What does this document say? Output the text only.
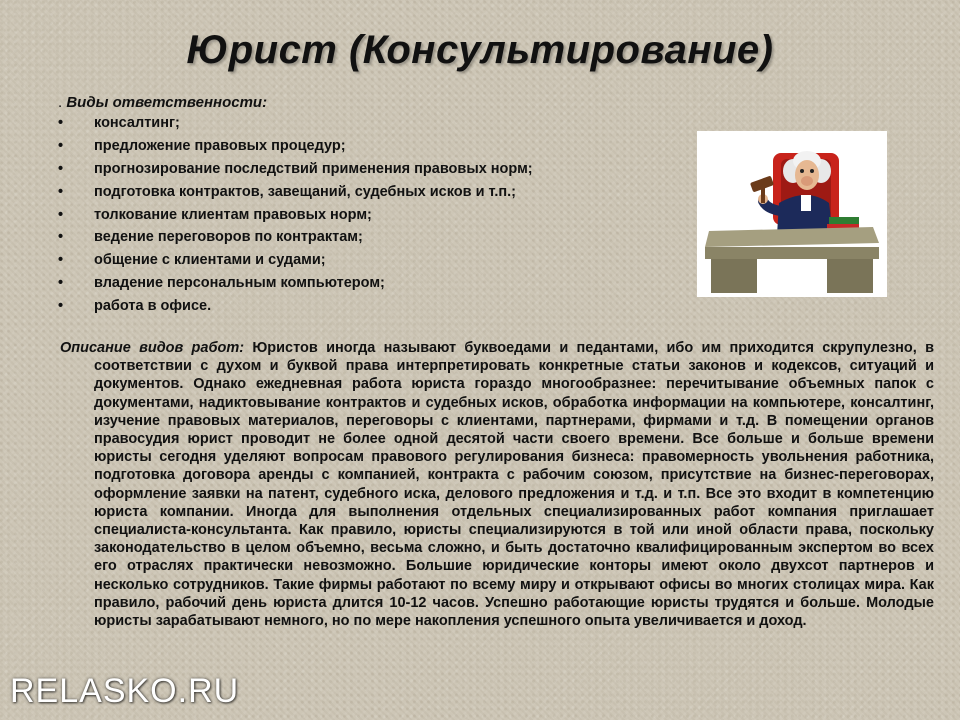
Юрист (Консультирование)
. Виды ответственности:
• консалтинг;
• предложение правовых процедур;
• прогнозирование последствий применения правовых норм;
• подготовка контрактов, завещаний, судебных исков и т.п.;
• толкование клиентам правовых норм;
• ведение переговоров по контрактам;
• общение с клиентами и судами;
• владение персональным компьютером;
• работа в офисе.
Описание видов работ: Юристов иногда называют буквоедами и педантами, ибо им приходится скрупулезно, в соответствии с духом и буквой права интерпретировать конкретные статьи законов и кодексов, ситуаций и документов. Однако ежедневная работа юриста гораздо многообразнее: перечитывание объемных папок с документами, надиктовывание контрактов и судебных исков, обработка информации на компьютере, консалтинг, изучение правовых материалов, переговоры с клиентами, партнерами, фирмами и т.д. В помещении органов правосудия юрист проводит не более одной десятой части своего времени. Все больше и больше времени юристы сегодня уделяют вопросам правового регулирования бизнеса: правомерность увольнения работника, подготовка договора аренды с компанией, контракта с рабочим союзом, присутствие на бизнес-переговорах, оформление заявки на патент, судебного иска, делового предложения и т.д. и т.п. Все это входит в компетенцию юриста компании. Иногда для выполнения отдельных специализированных работ компания приглашает специалиста-консультанта. Как правило, юристы специализируются в той или иной области права, поскольку законодательство в целом объемно, весьма сложно, и быть достаточно квалифицированным экспертом во всех его отраслях практически невозможно. Большие юридические конторы имеют около двухсот партнеров и несколько сотрудников. Такие фирмы работают по всему миру и открывают офисы во многих столицах мира. Как правило, рабочий день юриста длится 10-12 часов. Успешно работающие юристы трудятся и больше. Молодые юристы зарабатывают немного, но по мере накопления успешного опыта увеличивается и доход.
RELASKO.RU
